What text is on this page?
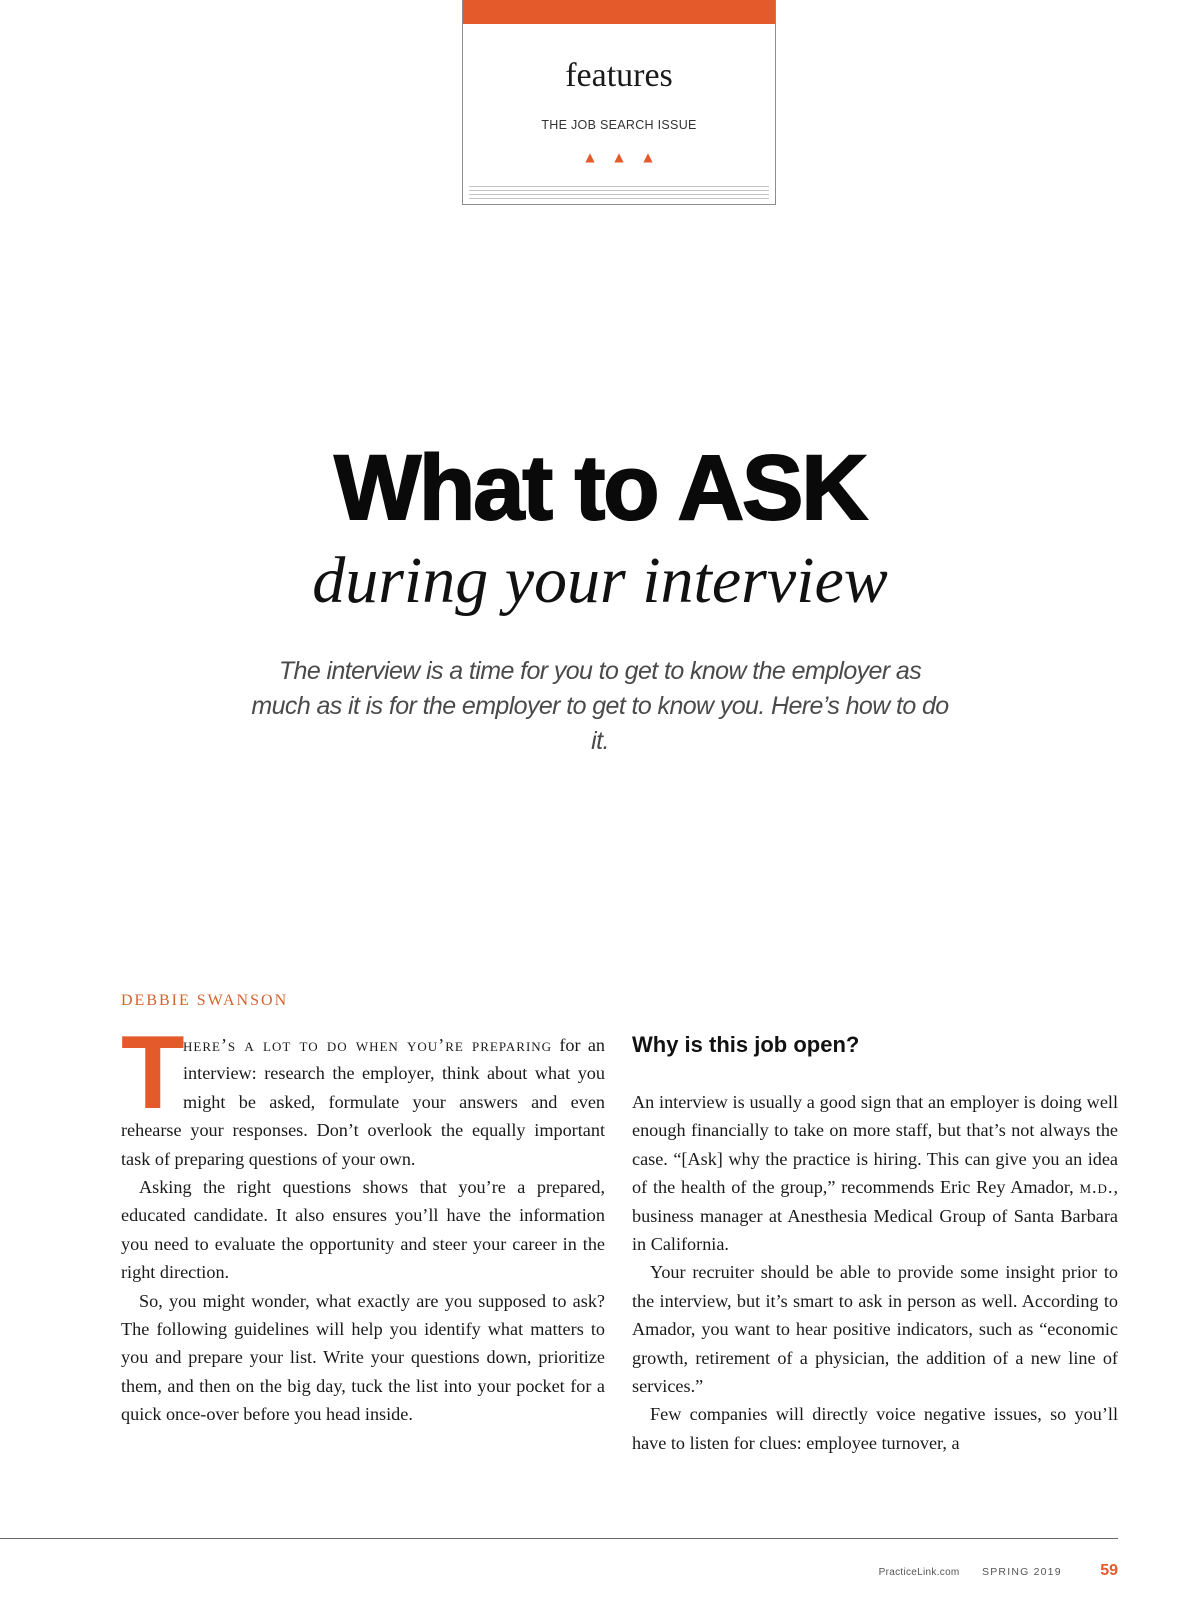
features
THE JOB SEARCH ISSUE
▲ ▲ ▲
What to ASK
during your interview
The interview is a time for you to get to know the employer as much as it is for the employer to get to know you. Here’s how to do it.
DEBBIE SWANSON

T
here’s a lot to do when you’re preparing for an interview: research the employer, think about what you might be asked, formulate your answers and even rehearse your responses. Don’t overlook the equally important task of preparing questions of your own.

Asking the right questions shows that you’re a prepared, educated candidate. It also ensures you’ll have the information you need to evaluate the opportunity and steer your career in the right direction.

So, you might wonder, what exactly are you supposed to ask? The following guidelines will help you identify what matters to you and prepare your list. Write your questions down, prioritize them, and then on the big day, tuck the list into your pocket for a quick once-over before you head inside.

Why is this job open?

An interview is usually a good sign that an employer is doing well enough financially to take on more staff, but that’s not always the case. “[Ask] why the practice is hiring. This can give you an idea of the health of the group,” recommends Eric Rey Amador, m.d., business manager at Anesthesia Medical Group of Santa Barbara in California.

Your recruiter should be able to provide some insight prior to the interview, but it’s smart to ask in person as well. According to Amador, you want to hear positive indicators, such as “economic growth, retirement of a physician, the addition of a new line of services.”

Few companies will directly voice negative issues, so you’ll have to listen for clues: employee turnover, a

PracticeLink.com SPRING 2019 59
